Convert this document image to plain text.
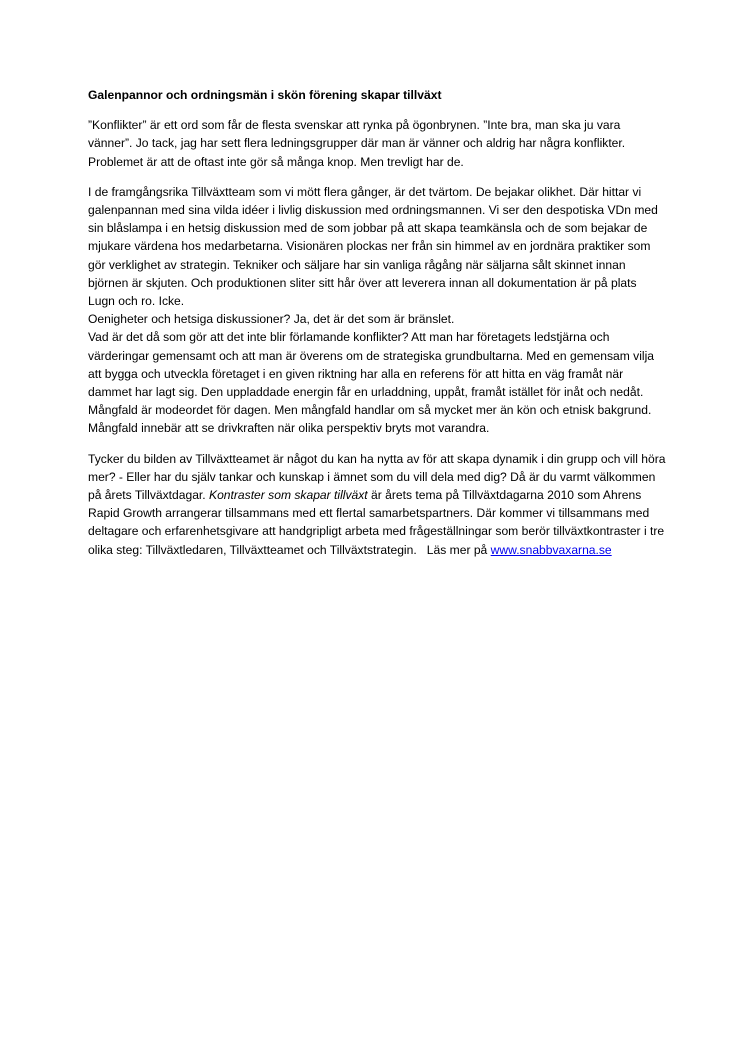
Galenpannor och ordningsmän i skön förening skapar tillväxt

”Konflikter” är ett ord som får de flesta svenskar att rynka på ögonbrynen. ”Inte bra, man ska ju vara vänner”. Jo tack, jag har sett flera ledningsgrupper där man är vänner och aldrig har några konflikter. Problemet är att de oftast inte gör så många knop. Men trevligt har de.

I de framgångsrika Tillväxtteam som vi mött flera gånger, är det tvärtom. De bejakar olikhet. Där hittar vi galenpannan med sina vilda idéer i livlig diskussion med ordningsmannen. Vi ser den despotiska VDn med sin blåslampa i en hetsig diskussion med de som jobbar på att skapa teamkänsla och de som bejakar de mjukare värdena hos medarbetarna. Visionären plockas ner från sin himmel av en jordnära praktiker som gör verklighet av strategin. Tekniker och säljare har sin vanliga rågång när säljarna sålt skinnet innan björnen är skjuten. Och produktionen sliter sitt hår över att leverera innan all dokumentation är på plats

Lugn och ro. Icke.

Oenigheter och hetsiga diskussioner? Ja, det är det som är bränslet.

Vad är det då som gör att det inte blir förlamande konflikter? Att man har företagets ledstjärna och värderingar gemensamt och att man är överens om de strategiska grundbultarna. Med en gemensam vilja att bygga och utveckla företaget i en given riktning har alla en referens för att hitta en väg framåt när dammet har lagt sig. Den uppladdade energin får en urladdning, uppåt, framåt istället för inåt och nedåt.

Mångfald är modeordet för dagen. Men mångfald handlar om så mycket mer än kön och etnisk bakgrund. Mångfald innebär att se drivkraften när olika perspektiv bryts mot varandra.

Tycker du bilden av Tillväxtteamet är något du kan ha nytta av för att skapa dynamik i din grupp och vill höra mer? - Eller har du själv tankar och kunskap i ämnet som du vill dela med dig? Då är du varmt välkommen på årets Tillväxtdagar. Kontraster som skapar tillväxt är årets tema på Tillväxtdagarna 2010 som Ahrens Rapid Growth arrangerar tillsammans med ett flertal samarbetspartners. Där kommer vi tillsammans med deltagare och erfarenhetsgivare att handgripligt arbeta med frågeställningar som berör tillväxtkontraster i tre olika steg: Tillväxtledaren, Tillväxtteamet och Tillväxtstrategin.   Läs mer på www.snabbvaxarna.se
